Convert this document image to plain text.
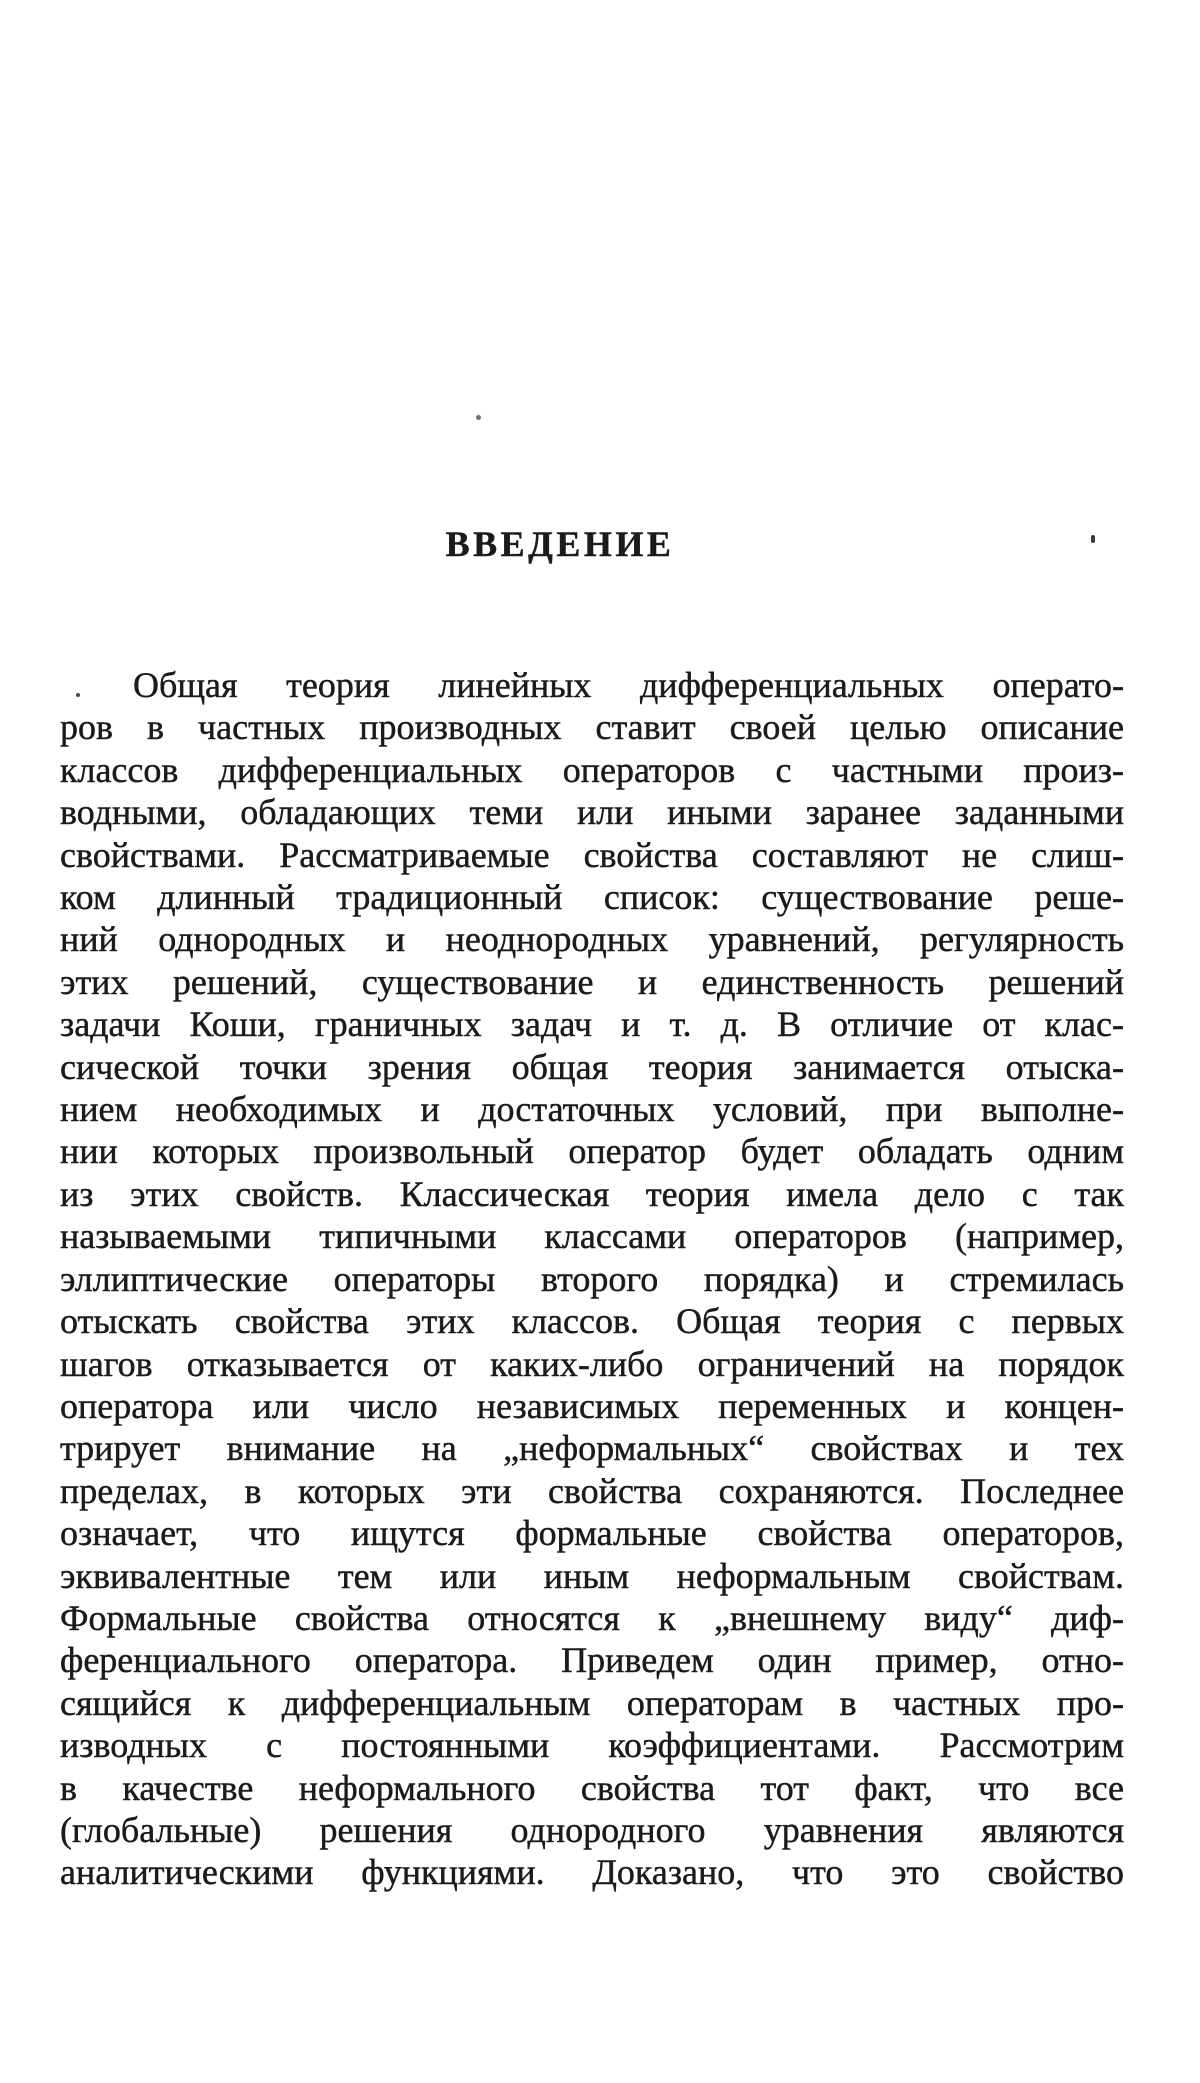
ВВЕДЕНИЕ
Общая теория линейных дифференциальных операто-
ров в частных производных ставит своей целью описание
классов дифференциальных операторов с частными произ-
водными, обладающих теми или иными заранее заданными
свойствами. Рассматриваемые свойства составляют не слиш-
ком длинный традиционный список: существование реше-
ний однородных и неоднородных уравнений, регулярность
этих решений, существование и единственность решений
задачи Коши, граничных задач и т. д. В отличие от клас-
сической точки зрения общая теория занимается отыска-
нием необходимых и достаточных условий, при выполне-
нии которых произвольный оператор будет обладать одним
из этих свойств. Классическая теория имела дело с так
называемыми типичными классами операторов (например,
эллиптические операторы второго порядка) и стремилась
отыскать свойства этих классов. Общая теория с первых
шагов отказывается от каких-либо ограничений на порядок
оператора или число независимых переменных и концен-
трирует внимание на „неформальных“ свойствах и тех
пределах, в которых эти свойства сохраняются. Последнее
означает, что ищутся формальные свойства операторов,
эквивалентные тем или иным неформальным свойствам.
Формальные свойства относятся к „внешнему виду“ диф-
ференциального оператора. Приведем один пример, отно-
сящийся к дифференциальным операторам в частных про-
изводных с постоянными коэффициентами. Рассмотрим
в качестве неформального свойства тот факт, что все
(глобальные) решения однородного уравнения являются
аналитическими функциями. Доказано, что это свойство
